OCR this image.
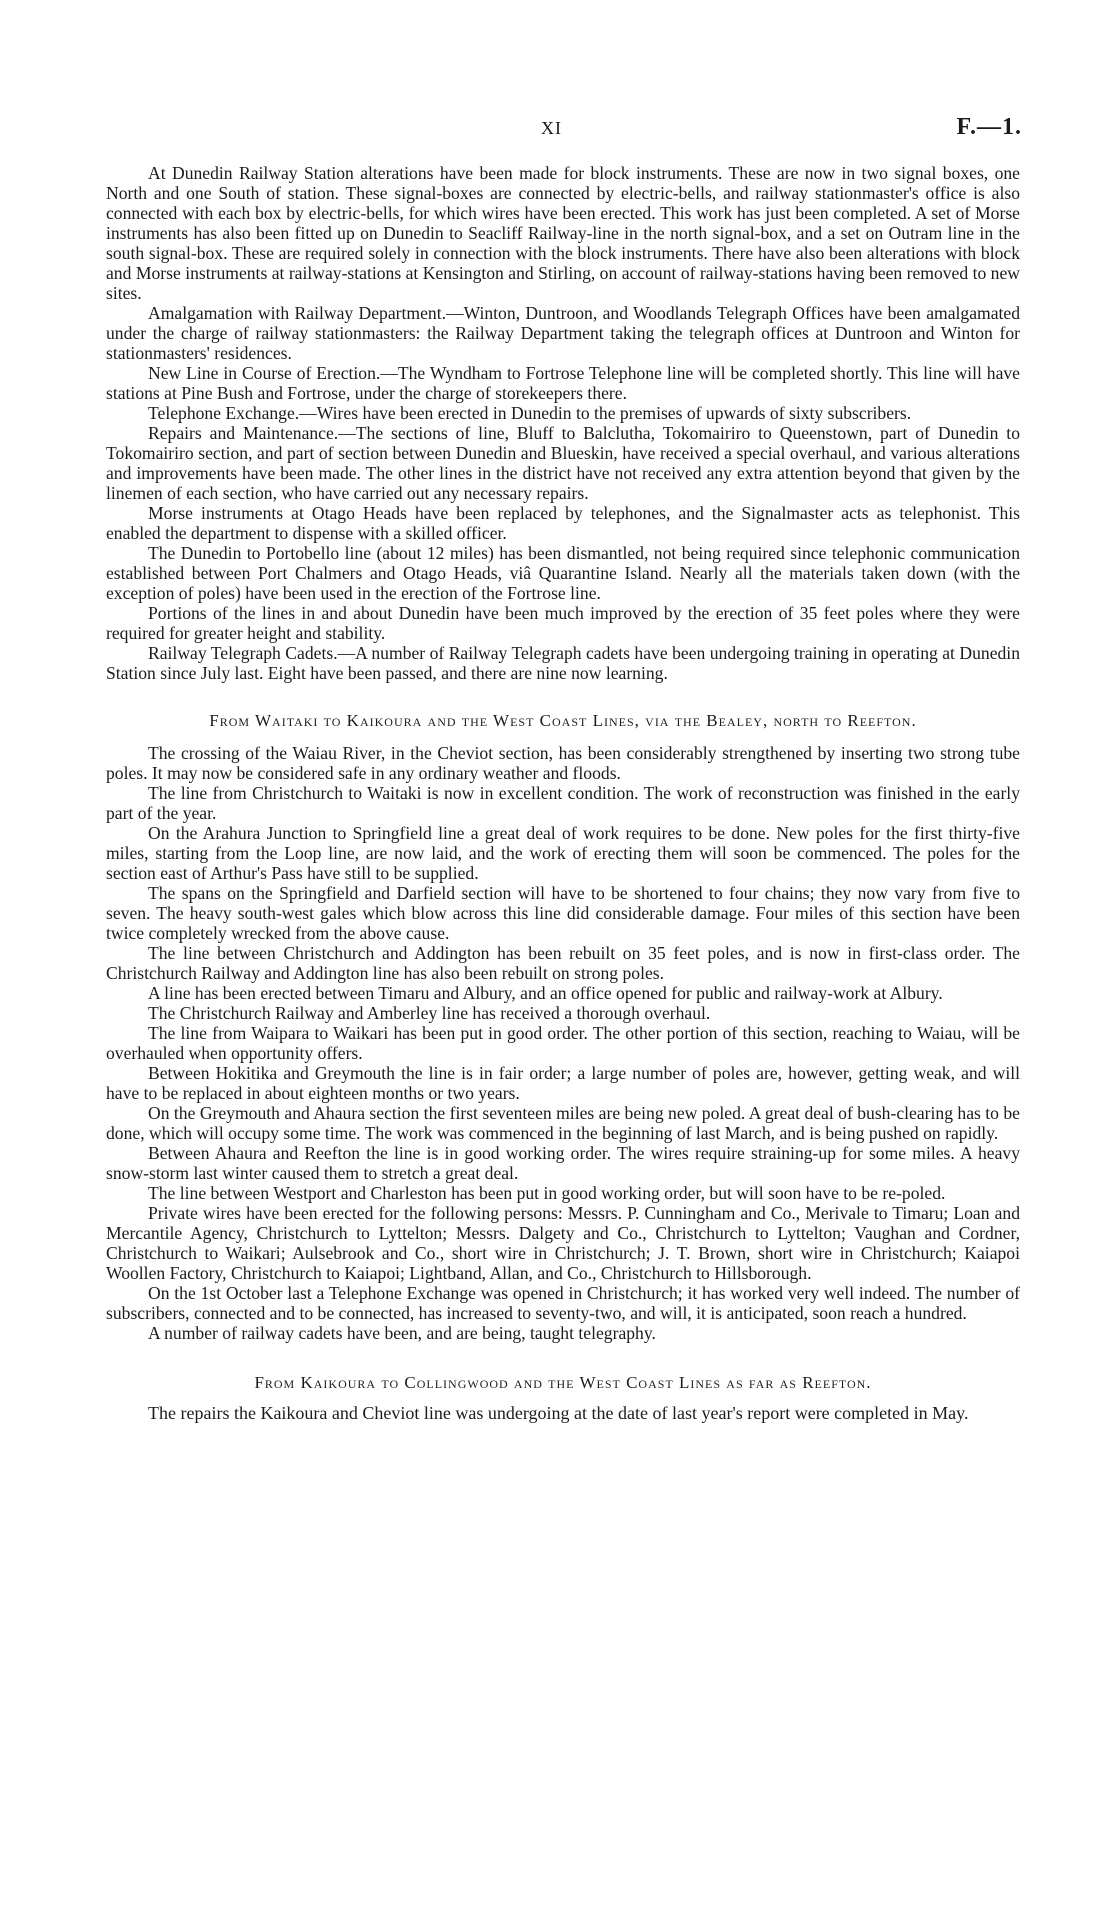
XI	F.—1.

At Dunedin Railway Station alterations have been made for block instruments. These are now in two signal boxes, one North and one South of station. These signal-boxes are connected by electric-bells, and railway stationmaster's office is also connected with each box by electric-bells, for which wires have been erected. This work has just been completed. A set of Morse instruments has also been fitted up on Dunedin to Seacliff Railway-line in the north signal-box, and a set on Outram line in the south signal-box. These are required solely in connection with the block instruments. There have also been alterations with block and Morse instruments at railway-stations at Kensington and Stirling, on account of railway-stations having been removed to new sites.

Amalgamation with Railway Department.—Winton, Duntroon, and Woodlands Telegraph Offices have been amalgamated under the charge of railway stationmasters: the Railway Department taking the telegraph offices at Duntroon and Winton for stationmasters' residences.

New Line in Course of Erection.—The Wyndham to Fortrose Telephone line will be completed shortly. This line will have stations at Pine Bush and Fortrose, under the charge of storekeepers there.

Telephone Exchange.—Wires have been erected in Dunedin to the premises of upwards of sixty subscribers.

Repairs and Maintenance.—The sections of line, Bluff to Balclutha, Tokomairiro to Queenstown, part of Dunedin to Tokomairiro section, and part of section between Dunedin and Blueskin, have received a special overhaul, and various alterations and improvements have been made. The other lines in the district have not received any extra attention beyond that given by the linemen of each section, who have carried out any necessary repairs.

Morse instruments at Otago Heads have been replaced by telephones, and the Signalmaster acts as telephonist. This enabled the department to dispense with a skilled officer.

The Dunedin to Portobello line (about 12 miles) has been dismantled, not being required since telephonic communication established between Port Chalmers and Otago Heads, viâ Quarantine Island. Nearly all the materials taken down (with the exception of poles) have been used in the erection of the Fortrose line.

Portions of the lines in and about Dunedin have been much improved by the erection of 35 feet poles where they were required for greater height and stability.

Railway Telegraph Cadets.—A number of Railway Telegraph cadets have been undergoing training in operating at Dunedin Station since July last. Eight have been passed, and there are nine now learning.

From Waitaki to Kaikoura and the West Coast Lines, via the Bealey, north to Reefton.

The crossing of the Waiau River, in the Cheviot section, has been considerably strengthened by inserting two strong tube poles. It may now be considered safe in any ordinary weather and floods.

The line from Christchurch to Waitaki is now in excellent condition. The work of reconstruction was finished in the early part of the year.

On the Arahura Junction to Springfield line a great deal of work requires to be done. New poles for the first thirty-five miles, starting from the Loop line, are now laid, and the work of erecting them will soon be commenced. The poles for the section east of Arthur's Pass have still to be supplied.

The spans on the Springfield and Darfield section will have to be shortened to four chains; they now vary from five to seven. The heavy south-west gales which blow across this line did considerable damage. Four miles of this section have been twice completely wrecked from the above cause.

The line between Christchurch and Addington has been rebuilt on 35 feet poles, and is now in first-class order. The Christchurch Railway and Addington line has also been rebuilt on strong poles.

A line has been erected between Timaru and Albury, and an office opened for public and railway-work at Albury.

The Christchurch Railway and Amberley line has received a thorough overhaul.

The line from Waipara to Waikari has been put in good order. The other portion of this section, reaching to Waiau, will be overhauled when opportunity offers.

Between Hokitika and Greymouth the line is in fair order; a large number of poles are, however, getting weak, and will have to be replaced in about eighteen months or two years.

On the Greymouth and Ahaura section the first seventeen miles are being new poled. A great deal of bush-clearing has to be done, which will occupy some time. The work was commenced in the beginning of last March, and is being pushed on rapidly.

Between Ahaura and Reefton the line is in good working order. The wires require straining-up for some miles. A heavy snow-storm last winter caused them to stretch a great deal.

The line between Westport and Charleston has been put in good working order, but will soon have to be re-poled.

Private wires have been erected for the following persons: Messrs. P. Cunningham and Co., Merivale to Timaru; Loan and Mercantile Agency, Christchurch to Lyttelton; Messrs. Dalgety and Co., Christchurch to Lyttelton; Vaughan and Cordner, Christchurch to Waikari; Aulsebrook and Co., short wire in Christchurch; J. T. Brown, short wire in Christchurch; Kaiapoi Woollen Factory, Christchurch to Kaiapoi; Lightband, Allan, and Co., Christchurch to Hillsborough.

On the 1st October last a Telephone Exchange was opened in Christchurch; it has worked very well indeed. The number of subscribers, connected and to be connected, has increased to seventy-two, and will, it is anticipated, soon reach a hundred.

A number of railway cadets have been, and are being, taught telegraphy.

From Kaikoura to Collingwood and the West Coast Lines as far as Reefton.

The repairs the Kaikoura and Cheviot line was undergoing at the date of last year's report were completed in May.
